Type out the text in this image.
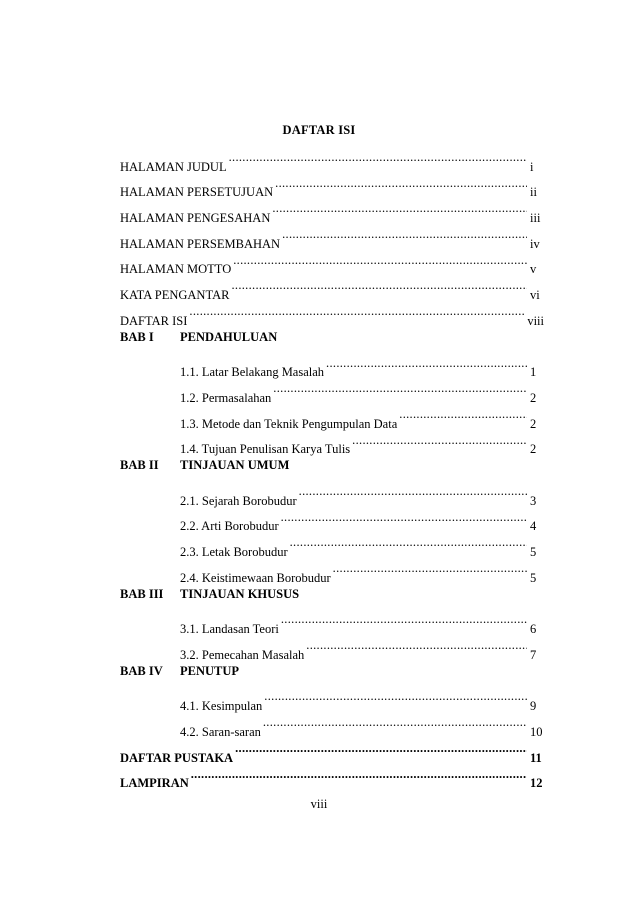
DAFTAR ISI
HALAMAN JUDUL .....	i
HALAMAN PERSETUJUAN .....	ii
HALAMAN PENGESAHAN .....	iii
HALAMAN PERSEMBAHAN .....	iv
HALAMAN MOTTO .....	v
KATA PENGANTAR .....	vi
DAFTAR ISI .....	viii
BAB I	PENDAHULUAN
1.1. Latar Belakang Masalah .....	1
1.2. Permasalahan .....	2
1.3. Metode dan Teknik Pengumpulan Data .....	2
1.4. Tujuan Penulisan Karya Tulis .....	2
BAB II	TINJAUAN UMUM
2.1. Sejarah Borobudur .....	3
2.2. Arti Borobudur .....	4
2.3. Letak Borobudur .....	5
2.4. Keistimewaan Borobudur .....	5
BAB III	TINJAUAN KHUSUS
3.1. Landasan Teori .....	6
3.2. Pemecahan Masalah .....	7
BAB IV	PENUTUP
4.1. Kesimpulan .....	9
4.2. Saran-saran .....	10
DAFTAR PUSTAKA .....	11
LAMPIRAN .....	12
viii
